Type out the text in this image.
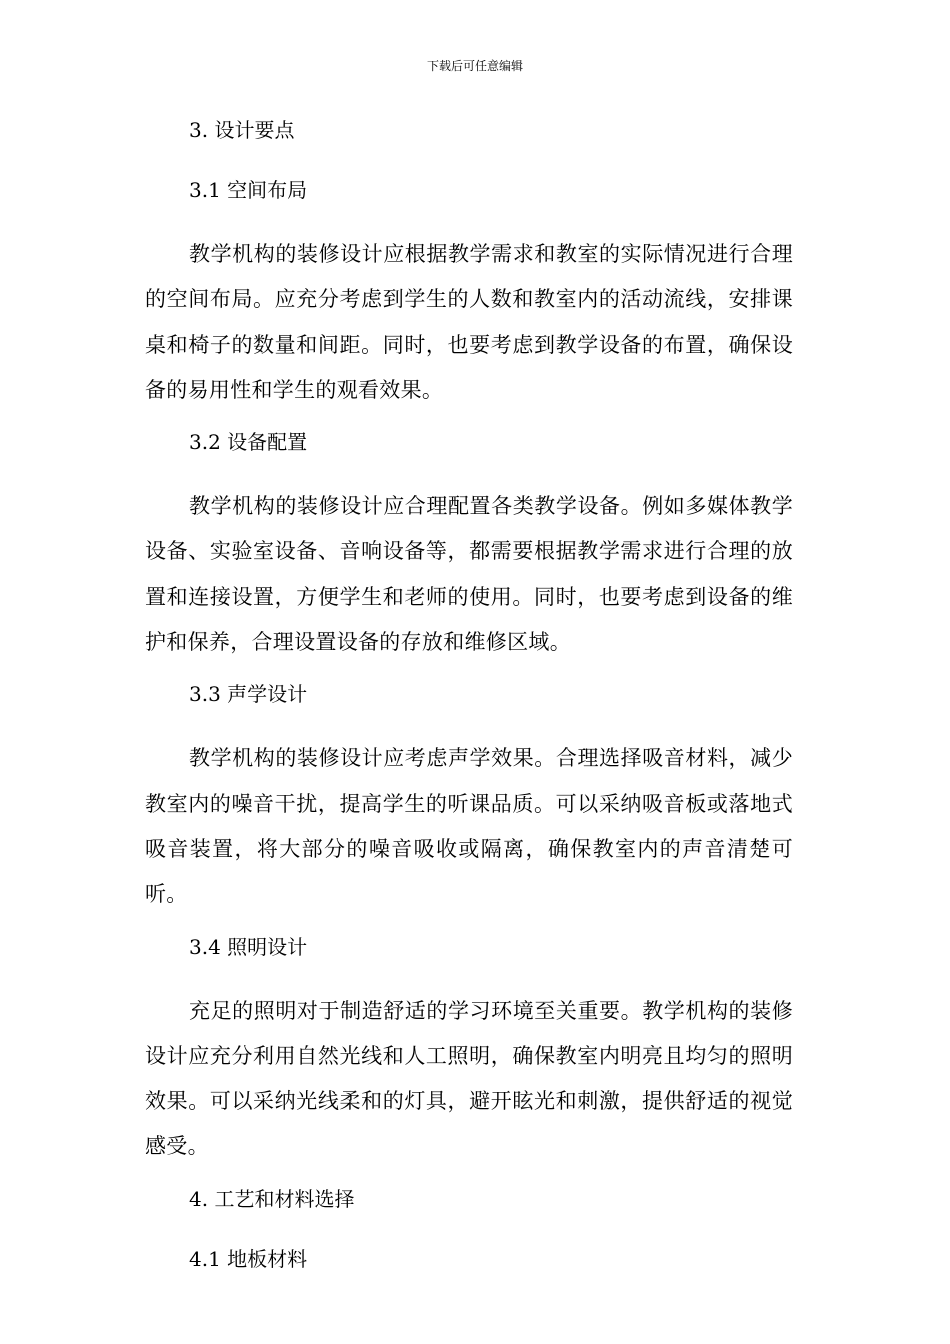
下载后可任意编辑
3. 设计要点
3.1 空间布局

教学机构的装修设计应根据教学需求和教室的实际情况进行合理的空间布局。应充分考虑到学生的人数和教室内的活动流线，安排课桌和椅子的数量和间距。同时，也要考虑到教学设备的布置，确保设备的易用性和学生的观看效果。

3.2 设备配置

教学机构的装修设计应合理配置各类教学设备。例如多媒体教学设备、实验室设备、音响设备等，都需要根据教学需求进行合理的放置和连接设置，方便学生和老师的使用。同时，也要考虑到设备的维护和保养，合理设置设备的存放和维修区域。

3.3 声学设计

教学机构的装修设计应考虑声学效果。合理选择吸音材料，减少教室内的噪音干扰，提高学生的听课品质。可以采纳吸音板或落地式吸音装置，将大部分的噪音吸收或隔离，确保教室内的声音清楚可听。

3.4 照明设计

充足的照明对于制造舒适的学习环境至关重要。教学机构的装修设计应充分利用自然光线和人工照明，确保教室内明亮且均匀的照明效果。可以采纳光线柔和的灯具，避开眩光和刺激，提供舒适的视觉感受。

4. 工艺和材料选择
4.1 地板材料
